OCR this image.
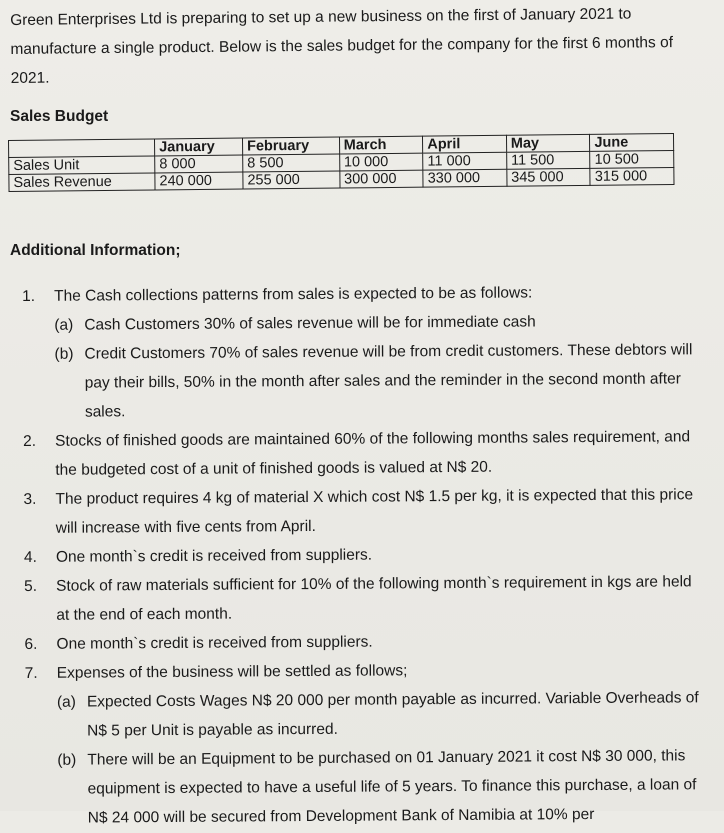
Green Enterprises Ltd is preparing to set up a new business on the first of January 2021 to manufacture a single product. Below is the sales budget for the company for the first 6 months of 2021.
Sales Budget
	January	February	March	April	May	June
Sales Unit	8 000	8 500	10 000	11 000	11 500	10 500
Sales Revenue	240 000	255 000	300 000	330 000	345 000	315 000
Additional Information;
1. The Cash collections patterns from sales is expected to be as follows:
(a) Cash Customers 30% of sales revenue will be for immediate cash
(b) Credit Customers 70% of sales revenue will be from credit customers. These debtors will pay their bills, 50% in the month after sales and the reminder in the second month after sales.
2. Stocks of finished goods are maintained 60% of the following months sales requirement, and the budgeted cost of a unit of finished goods is valued at N$ 20.
3. The product requires 4 kg of material X which cost N$ 1.5 per kg, it is expected that this price will increase with five cents from April.
4. One month`s credit is received from suppliers.
5. Stock of raw materials sufficient for 10% of the following month`s requirement in kgs are held at the end of each month.
6. One month`s credit is received from suppliers.
7. Expenses of the business will be settled as follows;
(a) Expected Costs Wages N$ 20 000 per month payable as incurred. Variable Overheads of N$ 5 per Unit is payable as incurred.
(b) There will be an Equipment to be purchased on 01 January 2021 it cost N$ 30 000, this equipment is expected to have a useful life of 5 years. To finance this purchase, a loan of N$ 24 000 will be secured from Development Bank of Namibia at 10% per
